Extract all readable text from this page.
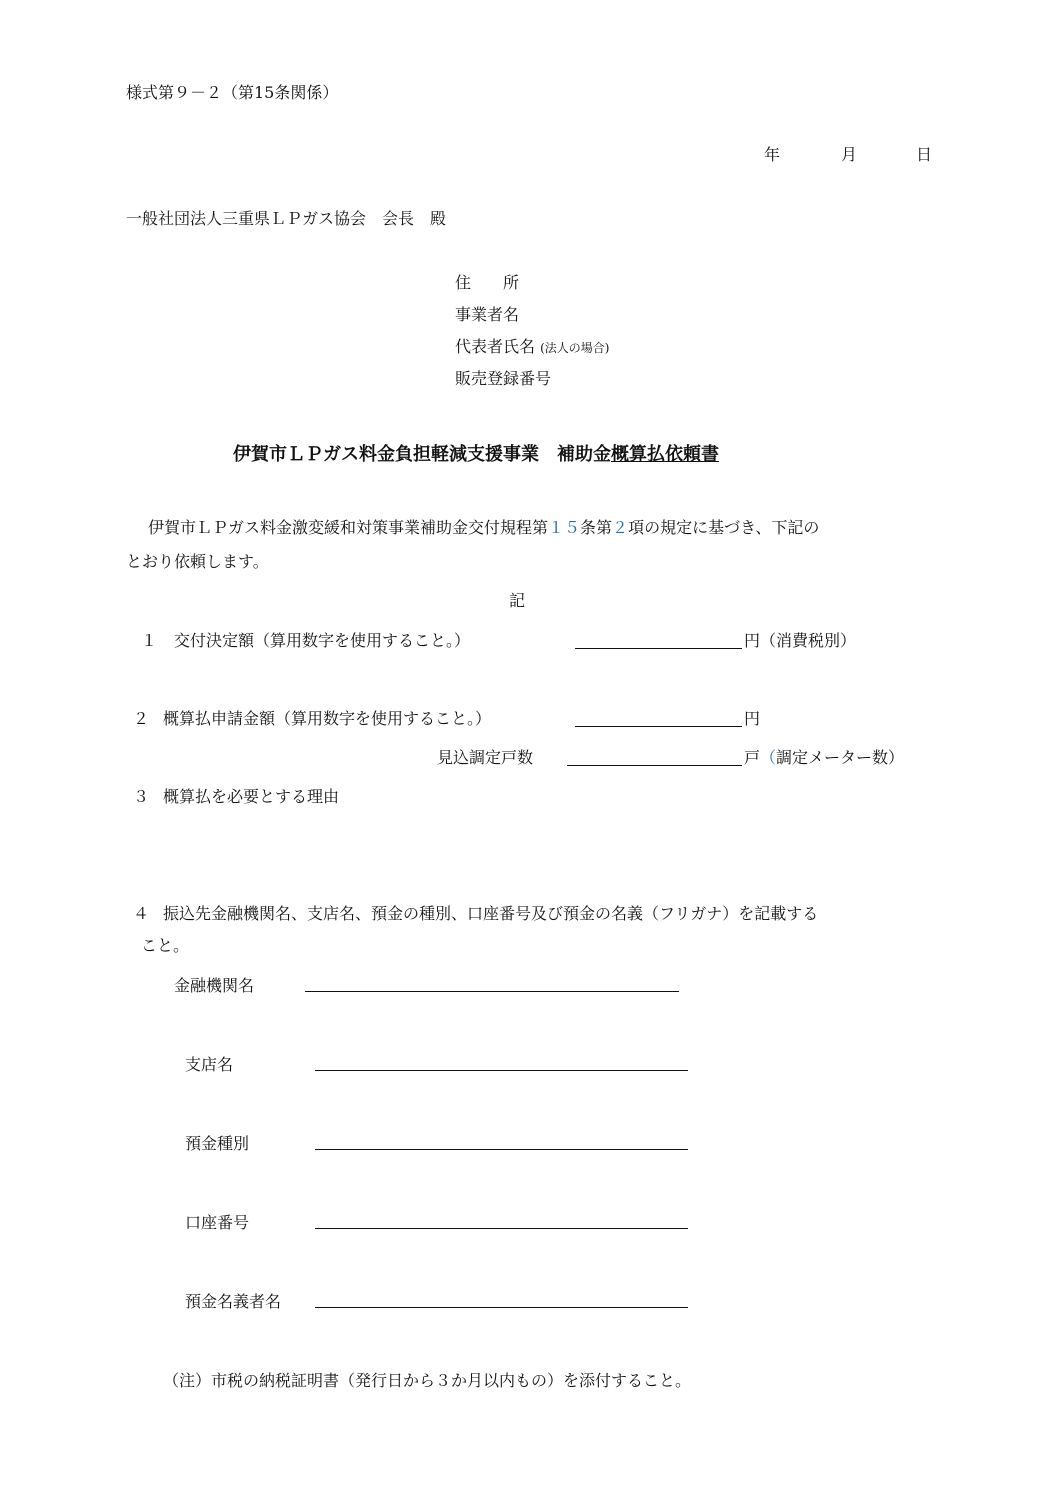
様式第９－２（第15条関係）
年	月	日
一般社団法人三重県ＬＰガス協会　会長　殿
住　　所
事業者名
代表者氏名 (法人の場合)
販売登録番号
伊賀市ＬＰガス料金負担軽減支援事業　補助金概算払依頼書
伊賀市ＬＰガス料金激変緩和対策事業補助金交付規程第１５条第２項の規定に基づき、下記の
とおり依頼します。
記
１ 交付決定額（算用数字を使用すること。）	円（消費税別）
２ 概算払申請金額（算用数字を使用すること。）	円
見込調定戸数	戸（調定メーター数）
３ 概算払を必要とする理由
４ 振込先金融機関名、支店名、預金の種別、口座番号及び預金の名義（フリガナ）を記載する
こと。
金融機関名
支店名
預金種別
口座番号
預金名義者名
（注）市税の納税証明書（発行日から３か月以内もの）を添付すること。
